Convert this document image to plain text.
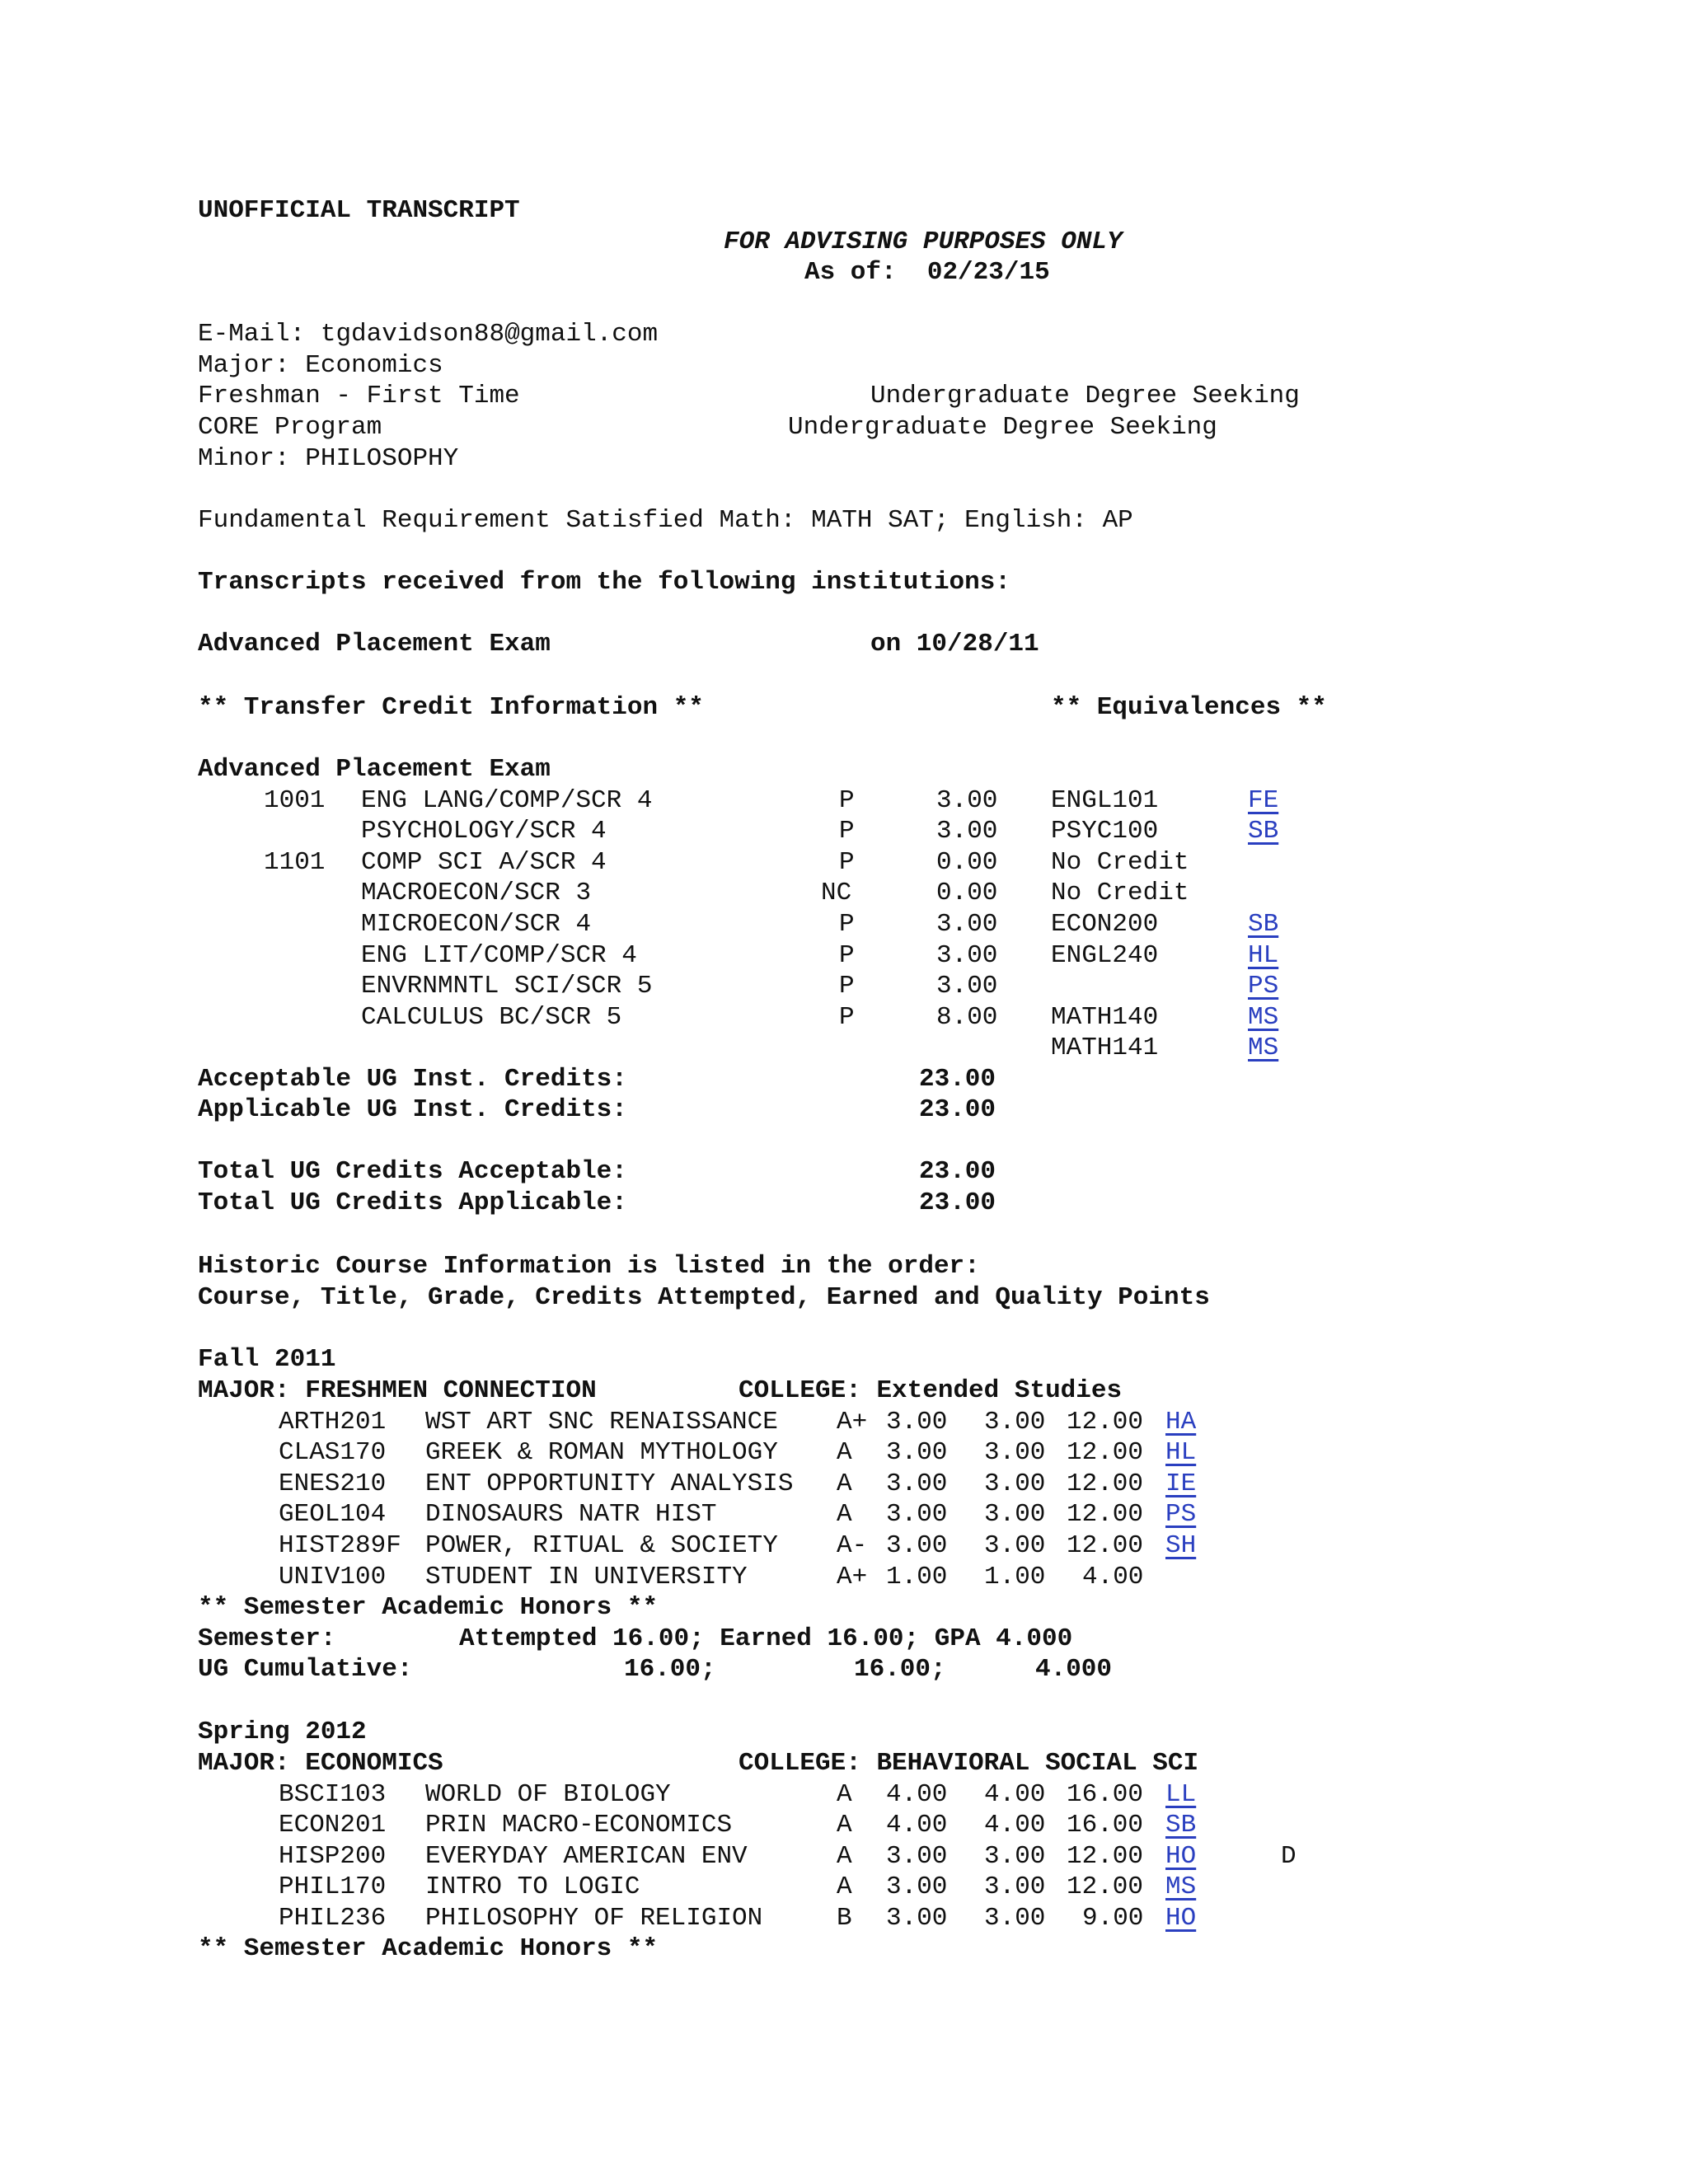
UNOFFICIAL TRANSCRIPT
FOR ADVISING PURPOSES ONLY
As of: 02/23/15
E-Mail: tgdavidson88@gmail.com
Major: Economics
Freshman - First Time	Undergraduate Degree Seeking
CORE Program	Undergraduate Degree Seeking
Minor: PHILOSOPHY
Fundamental Requirement Satisfied Math: MATH SAT; English: AP
Transcripts received from the following institutions:
Advanced Placement Exam	on 10/28/11
** Transfer Credit Information **	** Equivalences **
Advanced Placement Exam
1001 ENG LANG/COMP/SCR 4	P	3.00 ENGL101	FE
PSYCHOLOGY/SCR 4	P	3.00 PSYC100	SB
1101 COMP SCI A/SCR 4	P	0.00 No Credit
MACROECON/SCR 3	NC	0.00 No Credit
MICROECON/SCR 4	P	3.00 ECON200	SB
ENG LIT/COMP/SCR 4	P	3.00 ENGL240	HL
ENVRNMNTL SCI/SCR 5	P	3.00	PS
CALCULUS BC/SCR 5	P	8.00 MATH140	MS
MATH141	MS
Acceptable UG Inst. Credits:	23.00
Applicable UG Inst. Credits:	23.00
Total UG Credits Acceptable:	23.00
Total UG Credits Applicable:	23.00
Historic Course Information is listed in the order:
Course, Title, Grade, Credits Attempted, Earned and Quality Points
Fall 2011
MAJOR: FRESHMEN CONNECTION	COLLEGE: Extended Studies
ARTH201 WST ART SNC RENAISSANCE A+ 3.00 3.00 12.00 HA
CLAS170 GREEK & ROMAN MYTHOLOGY A 3.00 3.00 12.00 HL
ENES210 ENT OPPORTUNITY ANALYSIS A 3.00 3.00 12.00 IE
GEOL104 DINOSAURS NATR HIST	A 3.00 3.00 12.00 PS
HIST289F POWER, RITUAL & SOCIETY A- 3.00 3.00 12.00 SH
UNIV100 STUDENT IN UNIVERSITY	A+ 1.00 1.00 4.00
** Semester Academic Honors **
Semester:	Attempted 16.00; Earned 16.00; GPA 4.000
UG Cumulative:	16.00;	16.00;	4.000
Spring 2012
MAJOR: ECONOMICS	COLLEGE: BEHAVIORAL SOCIAL SCI
BSCI103 WORLD OF BIOLOGY	A 4.00 4.00 16.00 LL
ECON201 PRIN MACRO-ECONOMICS	A 4.00 4.00 16.00 SB
HISP200 EVERYDAY AMERICAN ENV	A 3.00 3.00 12.00 HO	D
PHIL170 INTRO TO LOGIC	A 3.00 3.00 12.00 MS
PHIL236 PHILOSOPHY OF RELIGION	B 3.00 3.00 9.00 HO
** Semester Academic Honors **
